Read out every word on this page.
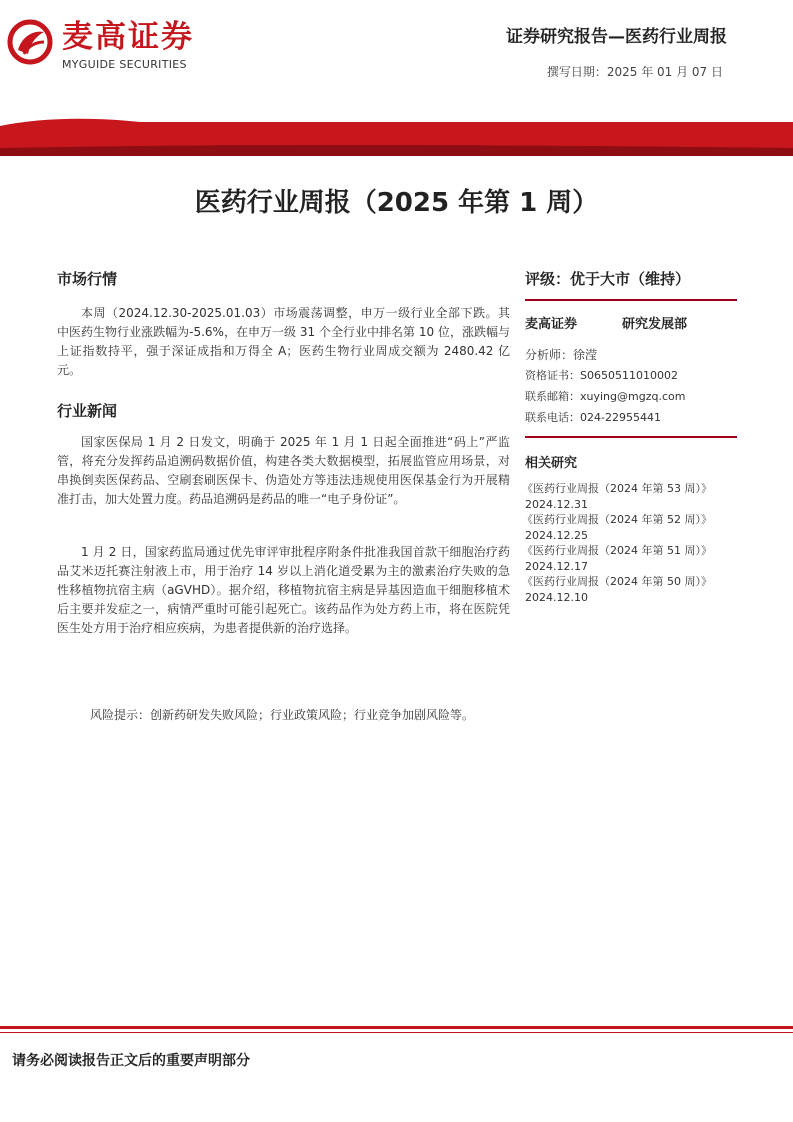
麦高证券
MYGUIDE SECURITIES
证券研究报告—医药行业周报
撰写日期：2025 年 01 月 07 日
医药行业周报（2025 年第 1 周）
市场行情
本周（2024.12.30-2025.01.03）市场震荡调整，申万一级行业全部下跌。其中医药生物行业涨跌幅为-5.6%，在申万一级 31 个全行业中排名第 10 位，涨跌幅与上证指数持平，强于深证成指和万得全 A；医药生物行业周成交额为 2480.42 亿元。
行业新闻
国家医保局 1 月 2 日发文，明确于 2025 年 1 月 1 日起全面推进“码上”严监管，将充分发挥药品追溯码数据价值，构建各类大数据模型，拓展监管应用场景，对串换倒卖医保药品、空刷套刷医保卡、伪造处方等违法违规使用医保基金行为开展精准打击，加大处置力度。药品追溯码是药品的唯一“电子身份证”。
1 月 2 日，国家药监局通过优先审评审批程序附条件批准我国首款干细胞治疗药品艾米迈托赛注射液上市，用于治疗 14 岁以上消化道受累为主的激素治疗失败的急性移植物抗宿主病（aGVHD）。据介绍，移植物抗宿主病是异基因造血干细胞移植术后主要并发症之一，病情严重时可能引起死亡。该药品作为处方药上市，将在医院凭医生处方用于治疗相应疾病，为患者提供新的治疗选择。
风险提示：创新药研发失败风险；行业政策风险；行业竞争加剧风险等。
评级：优于大市（维持）
麦高证券	研究发展部
分析师：徐滢
资格证书：S0650511010002
联系邮箱：xuying@mgzq.com
联系电话：024-22955441
相关研究
《医药行业周报（2024 年第 53 周）》
2024.12.31
《医药行业周报（2024 年第 52 周）》
2024.12.25
《医药行业周报（2024 年第 51 周）》
2024.12.17
《医药行业周报（2024 年第 50 周）》
2024.12.10
请务必阅读报告正文后的重要声明部分
